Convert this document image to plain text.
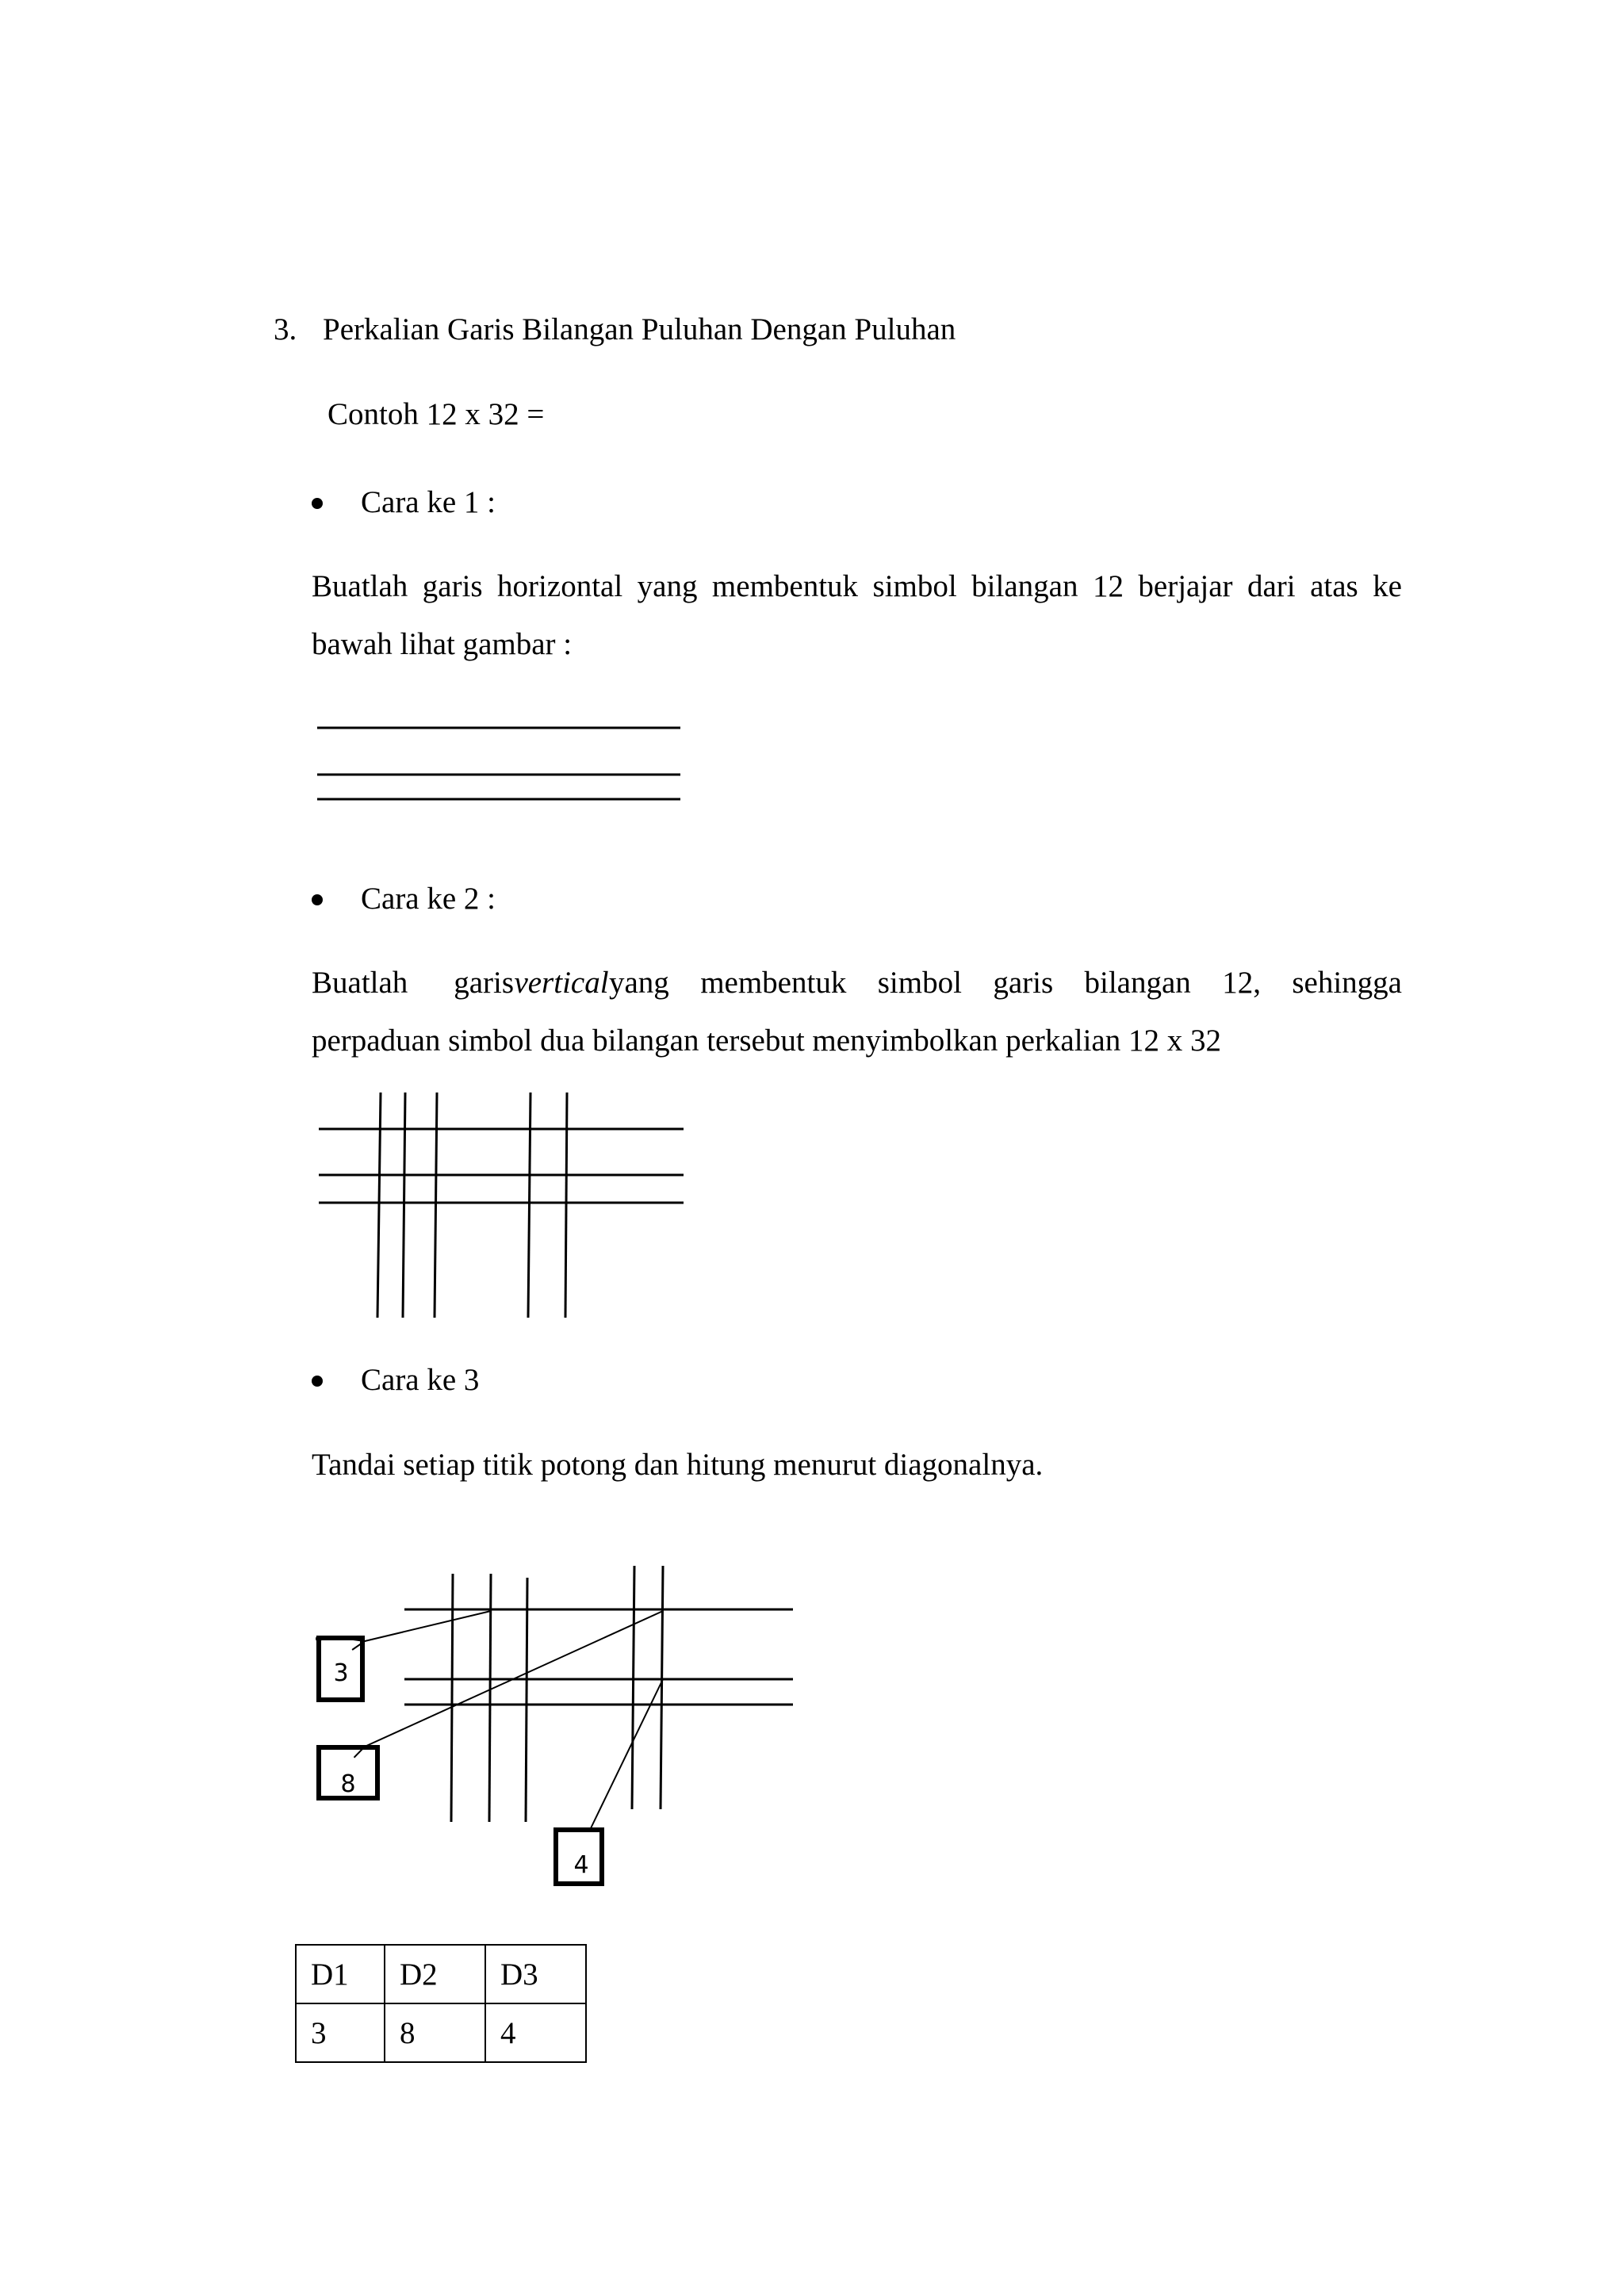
3. Perkalian Garis Bilangan Puluhan Dengan Puluhan
Contoh 12 x 32 =
Cara ke 1 :
Buatlah garis horizontal yang membentuk simbol bilangan 12 berjajar dari atas ke
bawah lihat gambar :
Cara ke 2 :
Buatlah garis vertical yang membentuk simbol garis bilangan 12, sehingga
perpaduan simbol dua bilangan tersebut menyimbolkan perkalian 12 x 32
Cara ke 3
Tandai setiap titik potong dan hitung menurut diagonalnya.
3
8
4
D1	D2	D3
3	8	4
